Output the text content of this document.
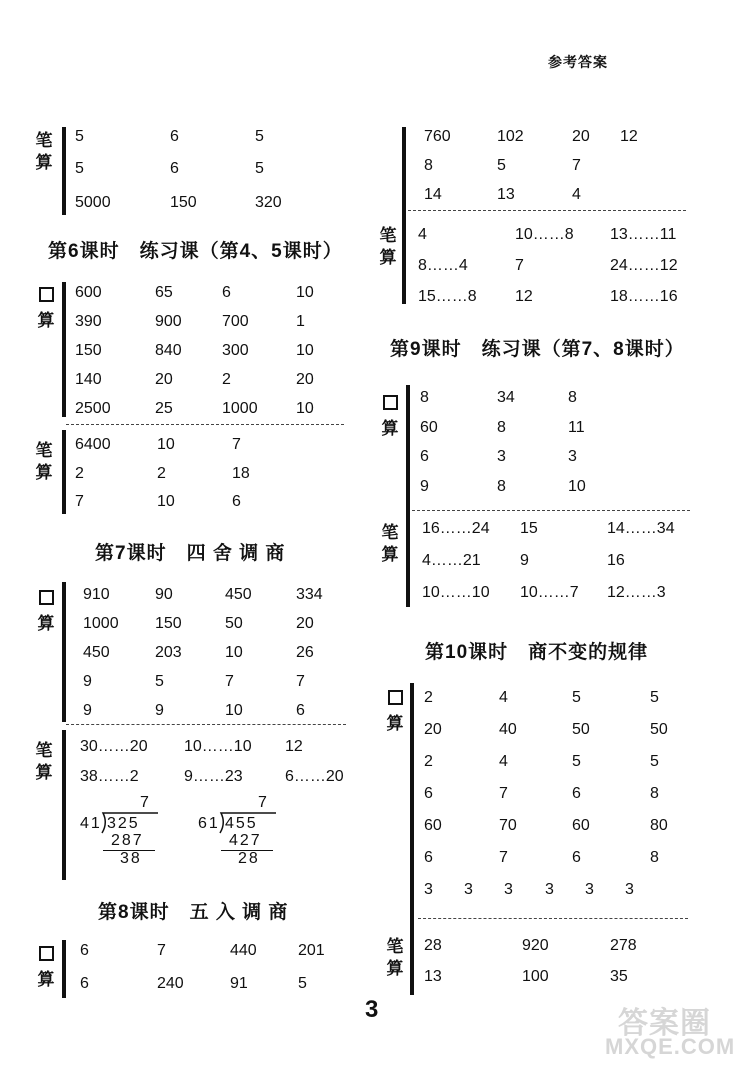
参考答案
笔
算
5	6	5
5	6	5
5000	150	320
第6课时　练习课（第4、5课时）

算
600	65	6	10
390	900	700	1
150	840	300	10
140	20	2	20
2500	25	1000 10
笔
算
6400	10	7
2	2	18
7	10	6
第7课时　四 舍 调 商

算
910	90	450	334
1000 150	50	20
450	203	10	26
9	5	7	7
9	9	10	6
笔
算
30……20 10……10 12
38……2	9……23	6……20
7
41 325
287
38
7
61 455
427
28
第8课时　五 入 调 商

算
6	7	440	201
6	240	91	5
760	102	20 12
8	5	7
14	13	4
笔
算
4	10……8 13……11
8……4	7	24……12
15……8 12	18……16
第9课时　练习课（第7、8课时）

算
8	34	8
60	8	11
6	3	3
9	8	10
笔
算
16……24 15	14……34
4……21 9	16
10……10 10……7 12……3
第10课时　商不变的规律

算
2	4	5	5
20	40	50	50
2	4	5	5
6	7	6	8
60	70	60	80
6	7	6	8
3 3 3 3 3 3
笔
算
28	920	278
13	100	35
3	答案圈
MXQE.COM
